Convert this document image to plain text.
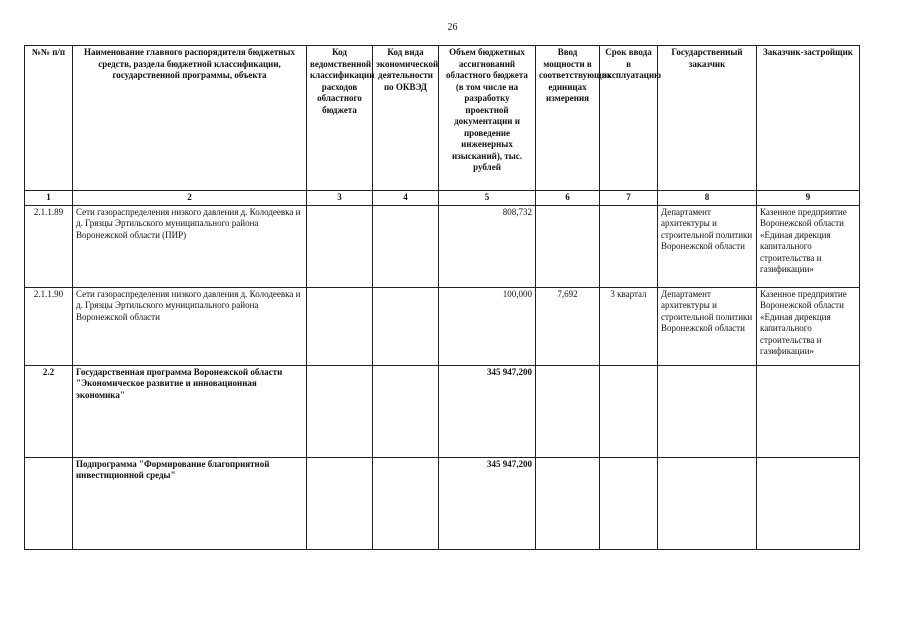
26
№№ п/п	Наименование главного распорядителя бюджетных средств, раздела бюджетной классификации, государственной программы, объекта	Код ведомственной классификации расходов областного бюджета	Код вида экономической деятельности по ОКВЭД	Объем бюджетных ассигнований областного бюджета (в том числе на разработку проектной документации и проведение инженерных изысканий), тыс. рублей	Ввод мощности в соответствующих единицах измерения	Срок ввода в эксплуатацию	Государственный заказчик	Заказчик-застройщик
1	2	3	4	5	6	7	8	9
2.1.1.89	Сети газораспределения низкого давления д. Колодеевка и д. Грязцы Эртильского муниципального района Воронежской области (ПИР)			808,732			Департамент архитектуры и строительной политики Воронежской области	Казенное предприятие Воронежской области «Единая дирекция капитального строительства и газификации»
2.1.1.90	Сети газораспределения низкого давления д. Колодеевка и д. Грязцы Эртильского муниципального района Воронежской области			100,000	7,692	3 квартал	Департамент архитектуры и строительной политики Воронежской области	Казенное предприятие Воронежской области «Единая дирекция капитального строительства и газификации»
2.2	Государственная программа Воронежской области "Экономическое развитие и инновационная экономика"			345 947,200				
	Подпрограмма "Формирование благоприятной инвестиционной среды"			345 947,200				
